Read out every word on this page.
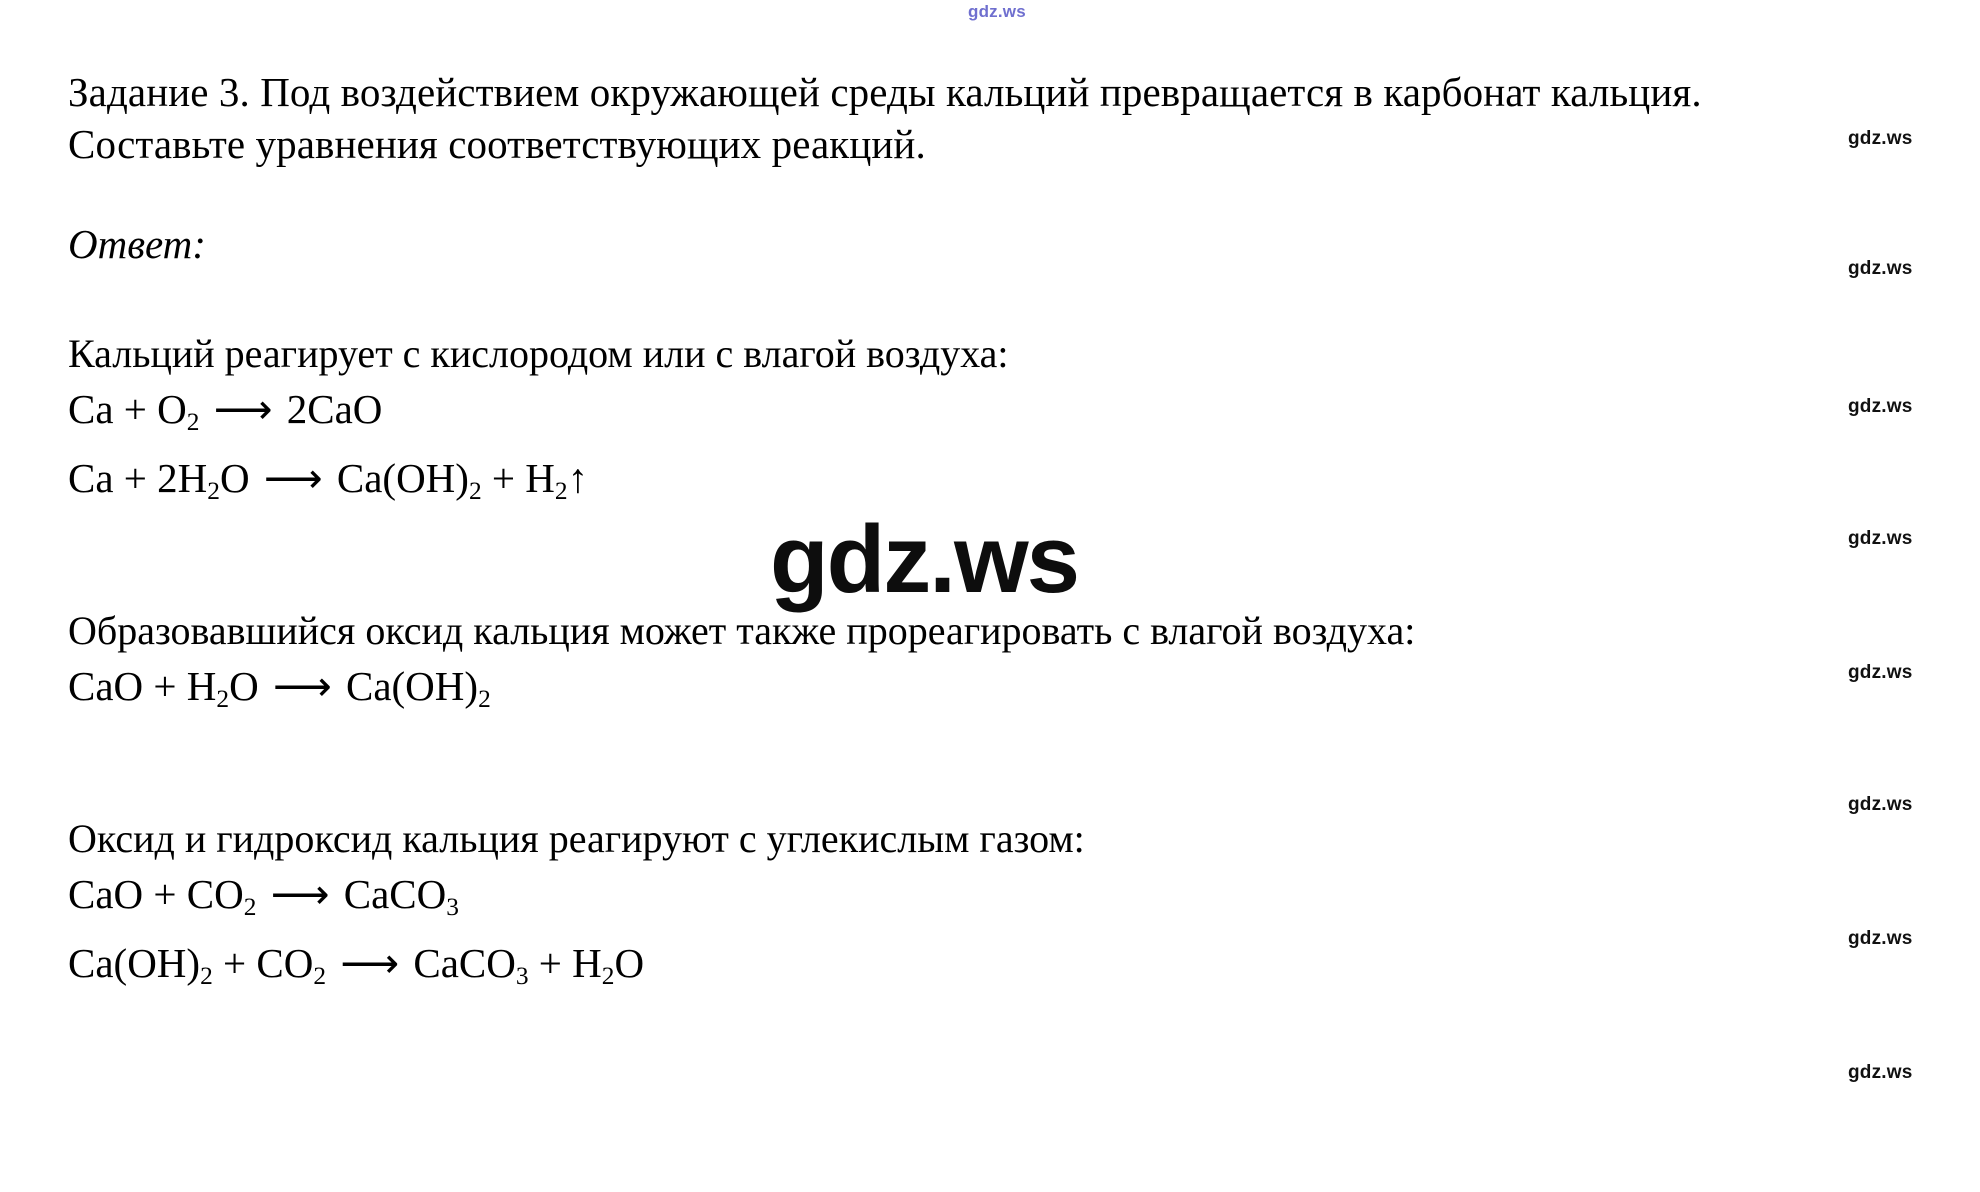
gdz.ws
Задание 3. Под воздействием окружающей среды кальций превращается в карбонат кальция. Составьте уравнения соответствующих реакций.
Ответ:
Кальций реагирует с кислородом или с влагой воздуха:
$Ca + O_2$ ⟶ 2CaO
$Ca + 2H_2O$ ⟶ $Ca(OH)_2$ + $H_2↑$
Образовавшийся оксид кальция может также прореагировать с влагой воздуха:
CaO + $H_2O$ ⟶ $Ca(OH)_2$
Оксид и гидроксид кальция реагируют с углекислым газом:
CaO + $CO_2$ ⟶ CaCO$_3$
$Ca(OH)_2 + CO_2$ ⟶ CaCO$_3$ + $H_2O$
gdz.ws
gdz.ws
gdz.ws
gdz.ws
gdz.ws
gdz.ws
gdz.ws
gdz.ws
gdz.ws
